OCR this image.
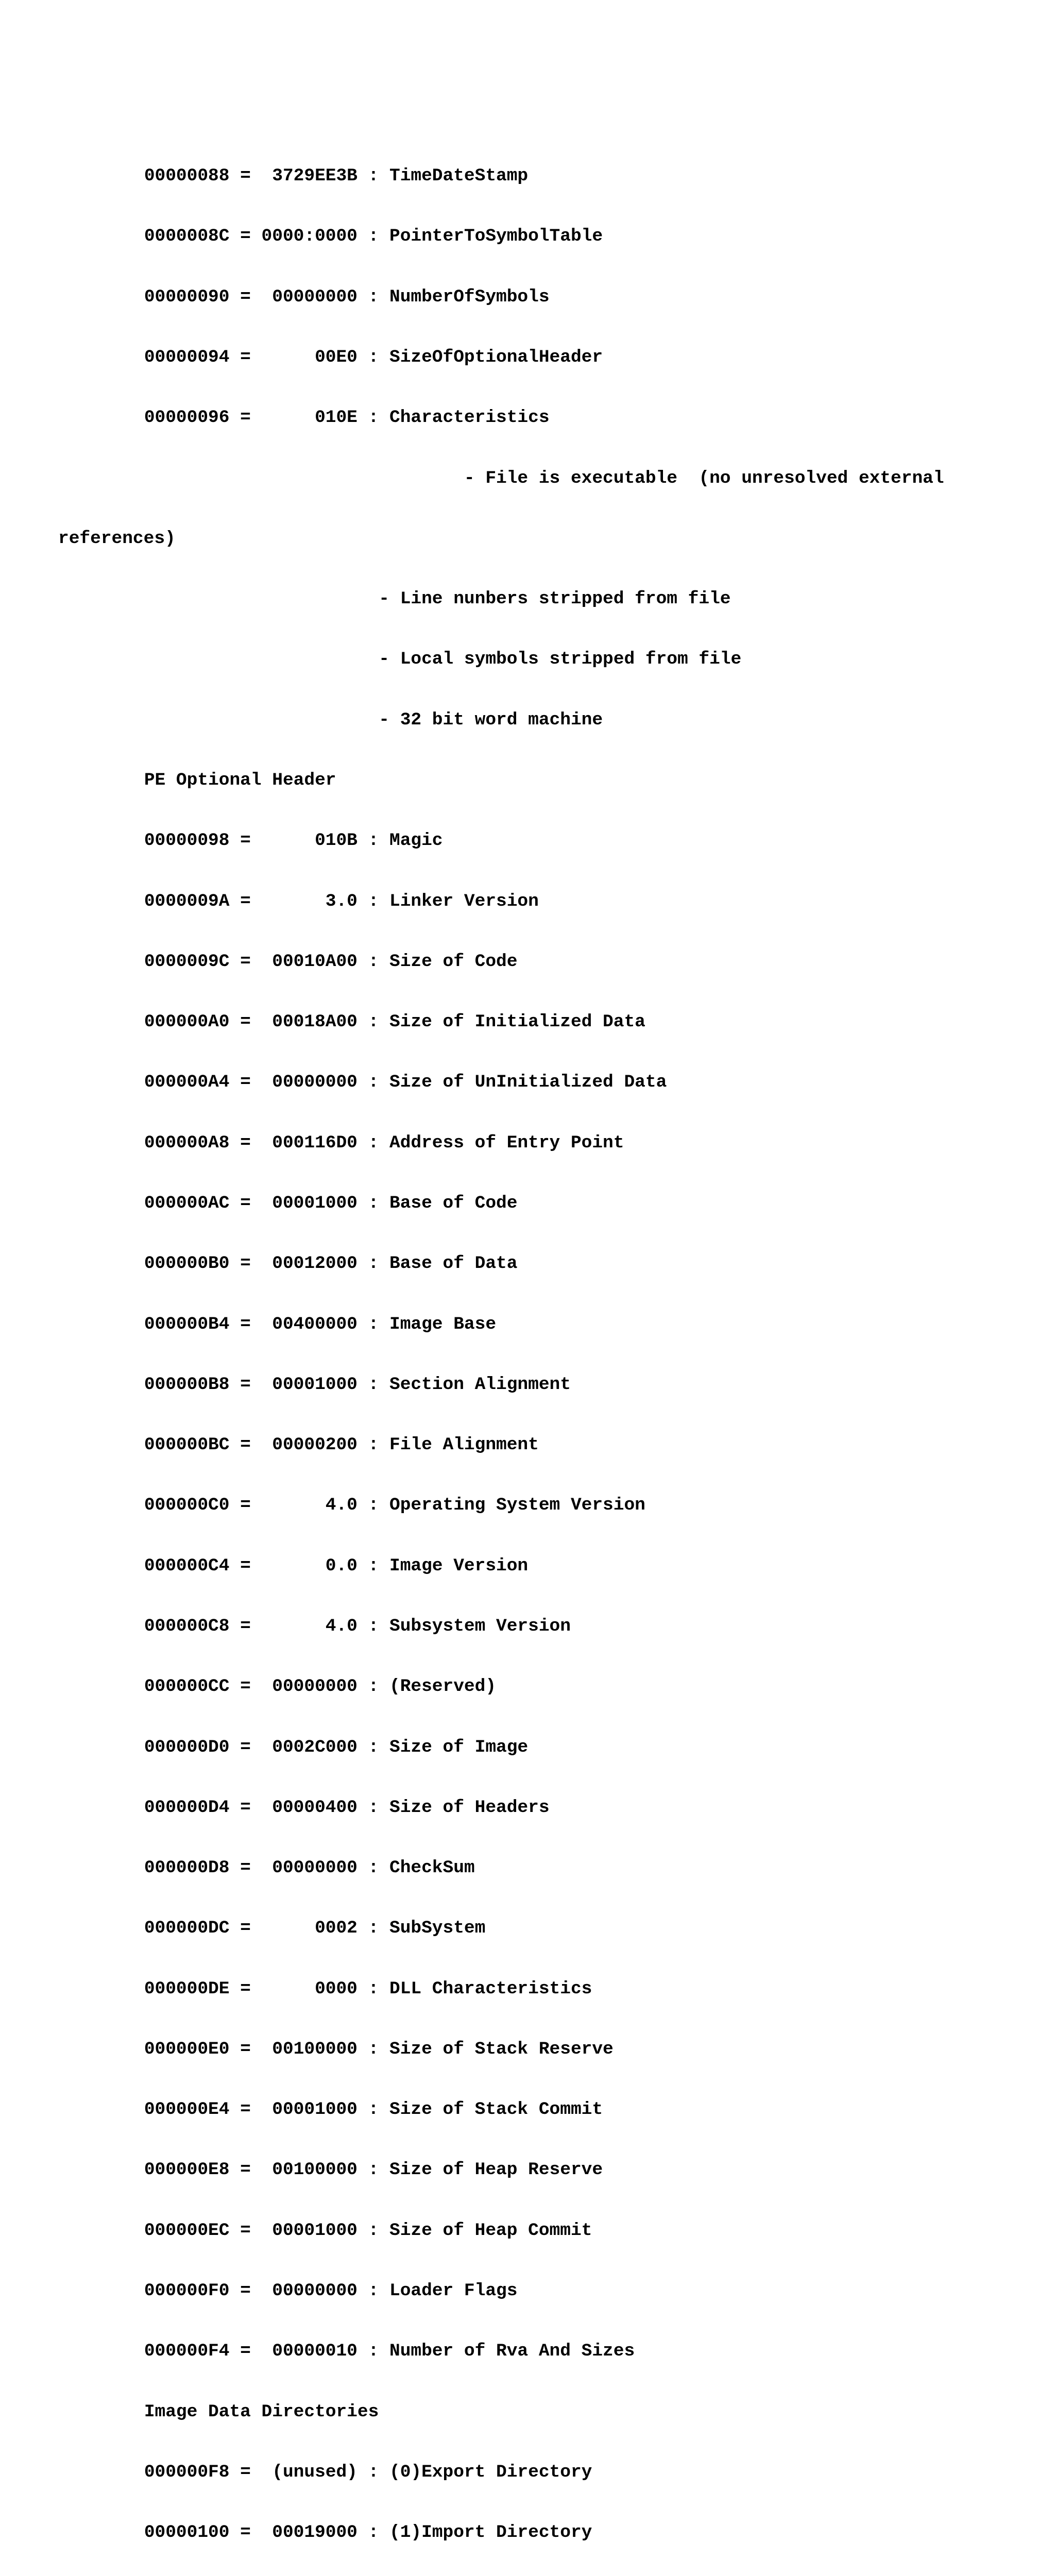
00000088 =  3729EE3B : TimeDateStamp

0000008C = 0000:0000 : PointerToSymbolTable

00000090 =  00000000 : NumberOfSymbols

00000094 =      00E0 : SizeOfOptionalHeader

00000096 =      010E : Characteristics

- File is executable  (no unresolved external

references)

- Line nunbers stripped from file

- Local symbols stripped from file

- 32 bit word machine

PE Optional Header

00000098 =      010B : Magic

0000009A =       3.0 : Linker Version

0000009C =  00010A00 : Size of Code

000000A0 =  00018A00 : Size of Initialized Data

000000A4 =  00000000 : Size of UnInitialized Data

000000A8 =  000116D0 : Address of Entry Point

000000AC =  00001000 : Base of Code

000000B0 =  00012000 : Base of Data

000000B4 =  00400000 : Image Base

000000B8 =  00001000 : Section Alignment

000000BC =  00000200 : File Alignment

000000C0 =       4.0 : Operating System Version

000000C4 =       0.0 : Image Version

000000C8 =       4.0 : Subsystem Version

000000CC =  00000000 : (Reserved)

000000D0 =  0002C000 : Size of Image

000000D4 =  00000400 : Size of Headers

000000D8 =  00000000 : CheckSum

000000DC =      0002 : SubSystem

000000DE =      0000 : DLL Characteristics

000000E0 =  00100000 : Size of Stack Reserve

000000E4 =  00001000 : Size of Stack Commit

000000E8 =  00100000 : Size of Heap Reserve

000000EC =  00001000 : Size of Heap Commit

000000F0 =  00000000 : Loader Flags

000000F4 =  00000010 : Number of Rva And Sizes

Image Data Directories

000000F8 =  (unused) : (0)Export Directory

00000100 =  00019000 : (1)Import Directory
